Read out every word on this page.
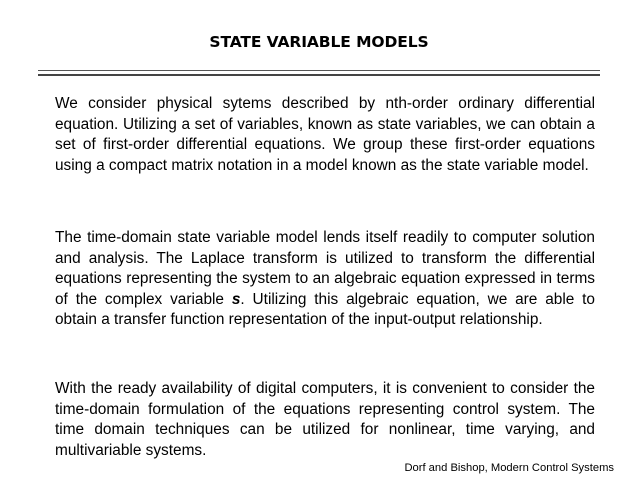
STATE VARIABLE MODELS

We consider physical sytems described by nth-order ordinary differential equation. Utilizing a set of variables, known as state variables, we can obtain a set of first-order differential equations. We group these first-order equations using a compact matrix notation in a model known as the state variable model.

The time-domain state variable model lends itself readily to computer solution and analysis. The Laplace transform is utilized to transform the differential equations representing the system to an algebraic equation expressed in terms of the complex variable s. Utilizing this algebraic equation, we are able to obtain a transfer function representation of the input-output relationship.

With the ready availability of digital computers, it is convenient to consider the time-domain formulation of the equations representing control system. The time domain techniques can be utilized for nonlinear, time varying, and multivariable systems.

Dorf and Bishop, Modern Control Systems
